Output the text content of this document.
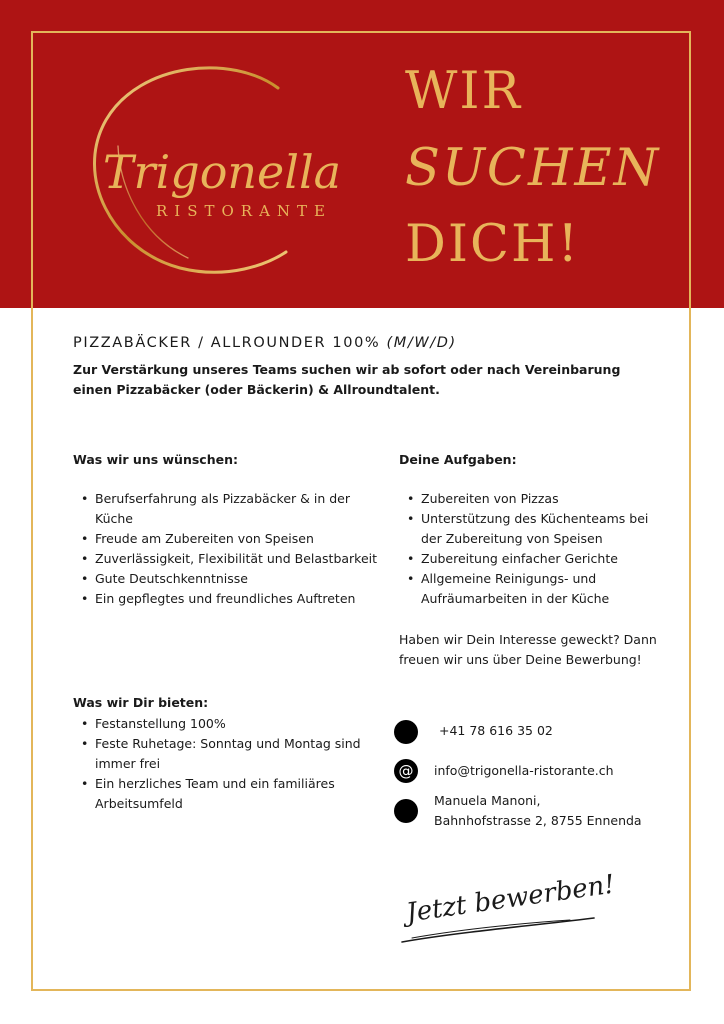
Trigonella
RISTORANTE
WIR
SUCHEN
DICH!
PIZZABÄCKER / ALLROUNDER 100% (M/W/D)
Zur Verstärkung unseres Teams suchen wir ab sofort oder nach Vereinbarung einen Pizzabäcker (oder Bäckerin) & Allroundtalent.
Was wir uns wünschen:
• Berufserfahrung als Pizzabäcker & in der Küche
• Freude am Zubereiten von Speisen
• Zuverlässigkeit, Flexibilität und Belastbarkeit
• Gute Deutschkenntnisse
• Ein gepflegtes und freundliches Auftreten
Was wir Dir bieten:
• Festanstellung 100%
• Feste Ruhetage: Sonntag und Montag sind immer frei
• Ein herzliches Team und ein familiäres Arbeitsumfeld
Deine Aufgaben:
• Zubereiten von Pizzas
• Unterstützung des Küchenteams bei der Zubereitung von Speisen
• Zubereitung einfacher Gerichte
• Allgemeine Reinigungs- und Aufräumarbeiten in der Küche
Haben wir Dein Interesse geweckt? Dann freuen wir uns über Deine Bewerbung!
+41 78 616 35 02
@ info@trigonella-ristorante.ch
Manuela Manoni,
Bahnhofstrasse 2, 8755 Ennenda
Jetzt bewerben!
